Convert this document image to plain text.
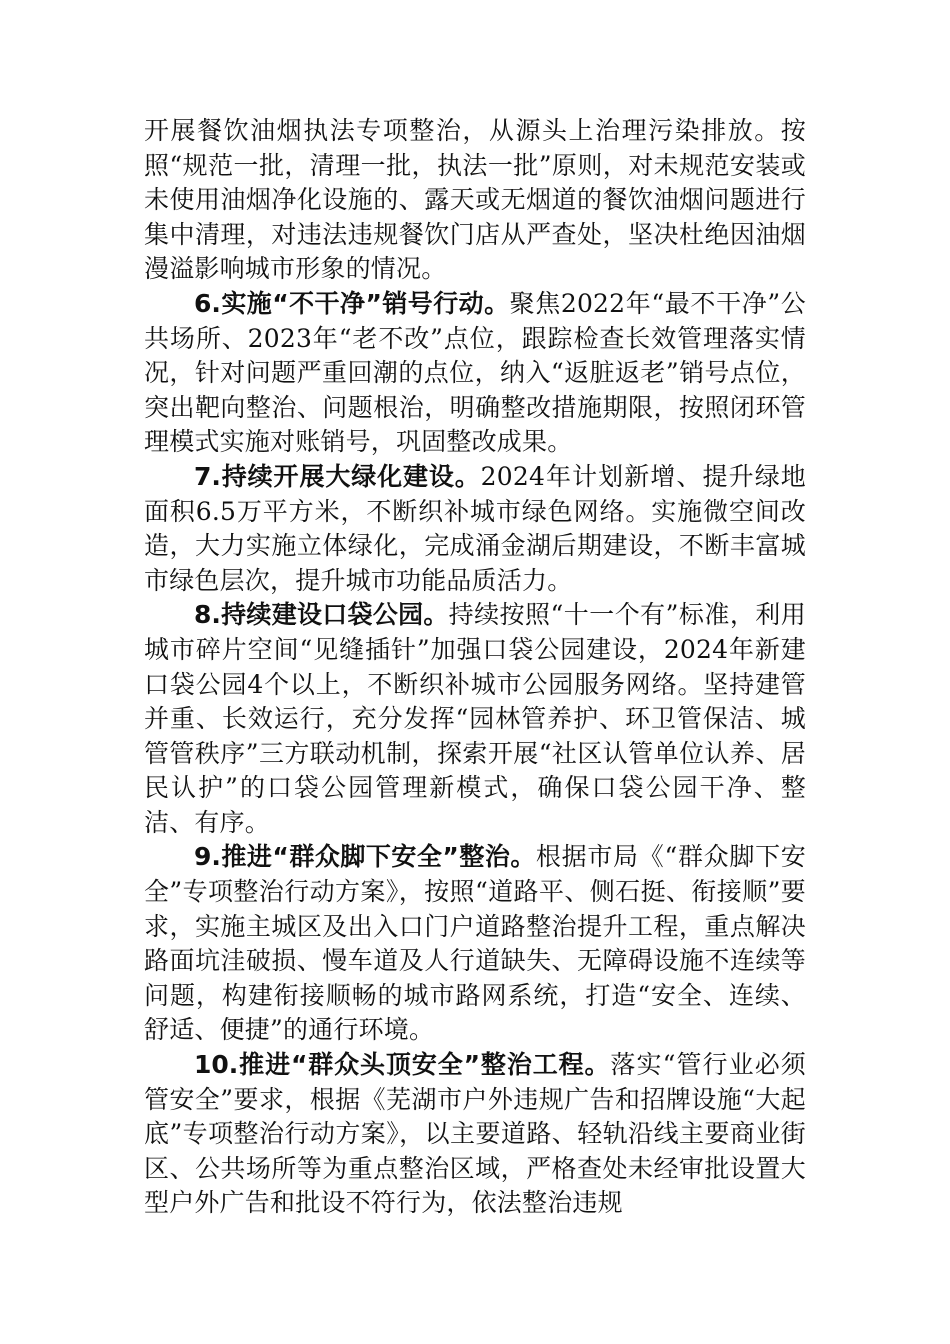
开展餐饮油烟执法专项整治，从源头上治理污染排放。按照“规范一批，清理一批，执法一批”原则，对未规范安装或未使用油烟净化设施的、露天或无烟道的餐饮油烟问题进行集中清理，对违法违规餐饮门店从严查处，坚决杜绝因油烟漫溢影响城市形象的情况。

6.实施“不干净”销号行动。聚焦2022年“最不干净”公共场所、2023年“老不改”点位，跟踪检查长效管理落实情况，针对问题严重回潮的点位，纳入“返脏返老”销号点位，突出靶向整治、问题根治，明确整改措施期限，按照闭环管理模式实施对账销号，巩固整改成果。

7.持续开展大绿化建设。2024年计划新增、提升绿地面积6.5万平方米，不断织补城市绿色网络。实施微空间改造，大力实施立体绿化，完成涌金湖后期建设，不断丰富城市绿色层次，提升城市功能品质活力。

8.持续建设口袋公园。持续按照“十一个有”标准，利用城市碎片空间“见缝插针”加强口袋公园建设，2024年新建口袋公园4个以上，不断织补城市公园服务网络。坚持建管并重、长效运行，充分发挥“园林管养护、环卫管保洁、城管管秩序”三方联动机制，探索开展“社区认管单位认养、居民认护”的口袋公园管理新模式，确保口袋公园干净、整洁、有序。

9.推进“群众脚下安全”整治。根据市局《“群众脚下安全”专项整治行动方案》，按照“道路平、侧石挺、衔接顺”要求，实施主城区及出入口门户道路整治提升工程，重点解决路面坑洼破损、慢车道及人行道缺失、无障碍设施不连续等问题，构建衔接顺畅的城市路网系统，打造“安全、连续、舒适、便捷”的通行环境。

10.推进“群众头顶安全”整治工程。落实“管行业必须管安全”要求，根据《芜湖市户外违规广告和招牌设施“大起底”专项整治行动方案》，以主要道路、轻轨沿线主要商业街区、公共场所等为重点整治区域，严格查处未经审批设置大型户外广告和批设不符行为，依法整治违规
